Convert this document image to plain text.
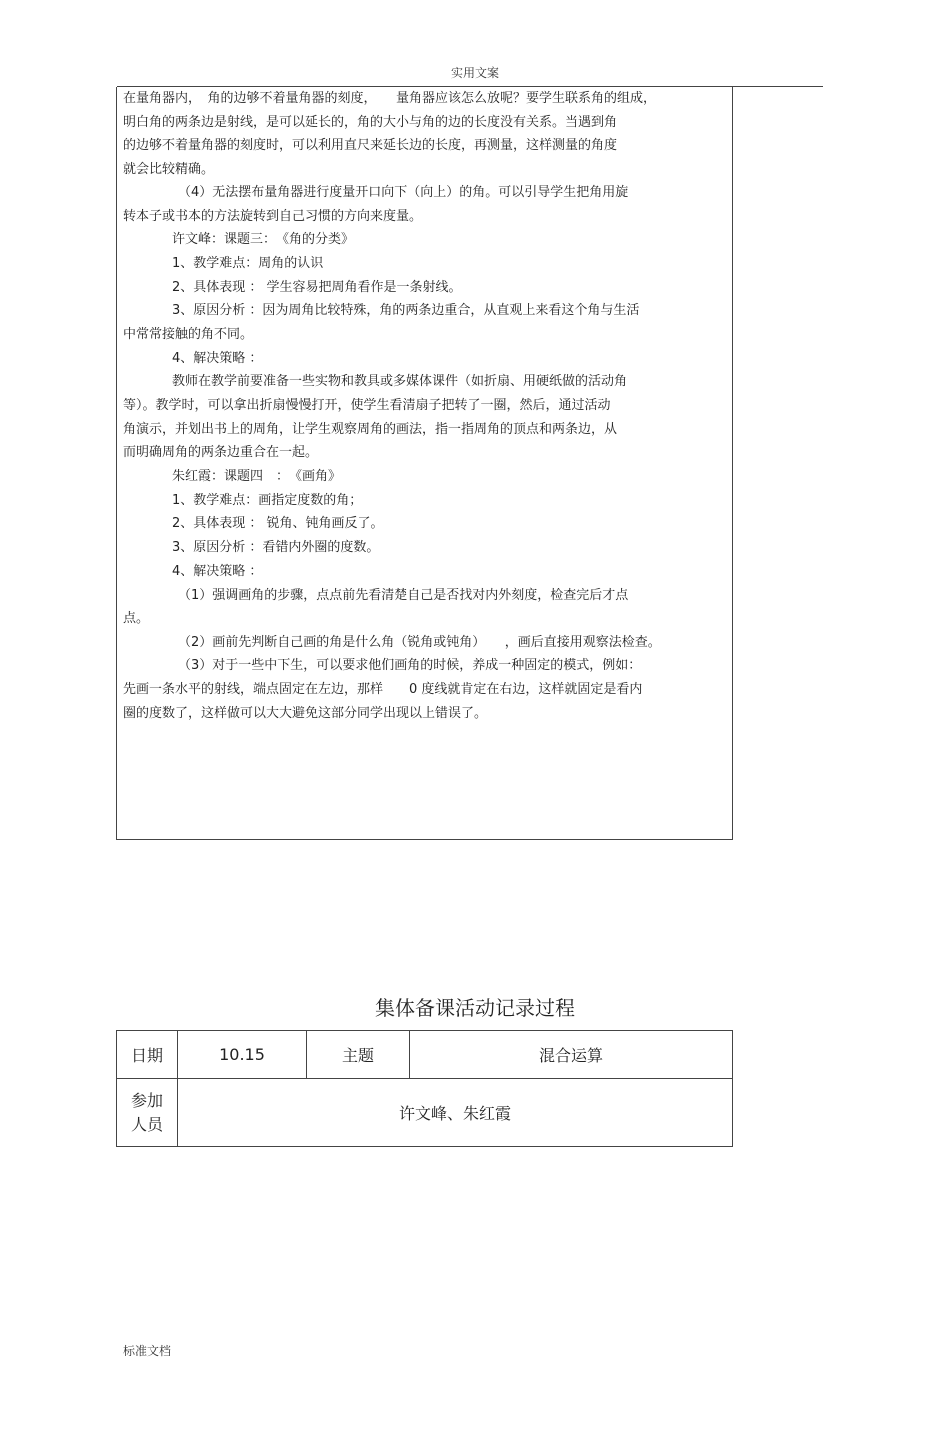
实用文案
在量角器内，　角的边够不着量角器的刻度，　　量角器应该怎么放呢？要学生联系角的组成，
明白角的两条边是射线，是可以延长的，角的大小与角的边的长度没有关系。当遇到角
的边够不着量角器的刻度时，可以利用直尺来延长边的长度，再测量，这样测量的角度
就会比较精确。
（4）无法摆布量角器进行度量开口向下（向上）的角。可以引导学生把角用旋
转本子或书本的方法旋转到自己习惯的方向来度量。
许文峰：课题三：　《角的分类》
1、教学难点：周角的认识
2、具体表现 ： 学生容易把周角看作是一条射线。
3、原因分析 ：因为周角比较特殊，角的两条边重合，从直观上来看这个角与生活
中常常接触的角不同。
4、解决策略 ：
教师在教学前要准备一些实物和教具或多媒体课件（如折扇、用硬纸做的活动角
等）。教学时，可以拿出折扇慢慢打开，使学生看清扇子把转了一圈，然后，通过活动
角演示，并划出书上的周角，让学生观察周角的画法，指一指周角的顶点和两条边，从
而明确周角的两条边重合在一起。
朱红霞：课题四　：　《画角》
1、教学难点：画指定度数的角；
2、具体表现 ： 锐角、钝角画反了。
3、原因分析 ：看错内外圈的度数。
4、解决策略 ：
（1）强调画角的步骤，点点前先看清楚自己是否找对内外刻度，检查完后才点
点。
（2）画前先判断自己画的角是什么角（锐角或钝角）　　，画后直接用观察法检查。
（3）对于一些中下生，可以要求他们画角的时候，养成一种固定的模式，例如：
先画一条水平的射线，端点固定在左边，那样　　0 度线就肯定在右边，这样就固定是看内
圈的度数了，这样做可以大大避免这部分同学出现以上错误了。
集体备课活动记录过程
日期	10.15	主题	混合运算
参加人员	许文峰、朱红霞		
标准文档
